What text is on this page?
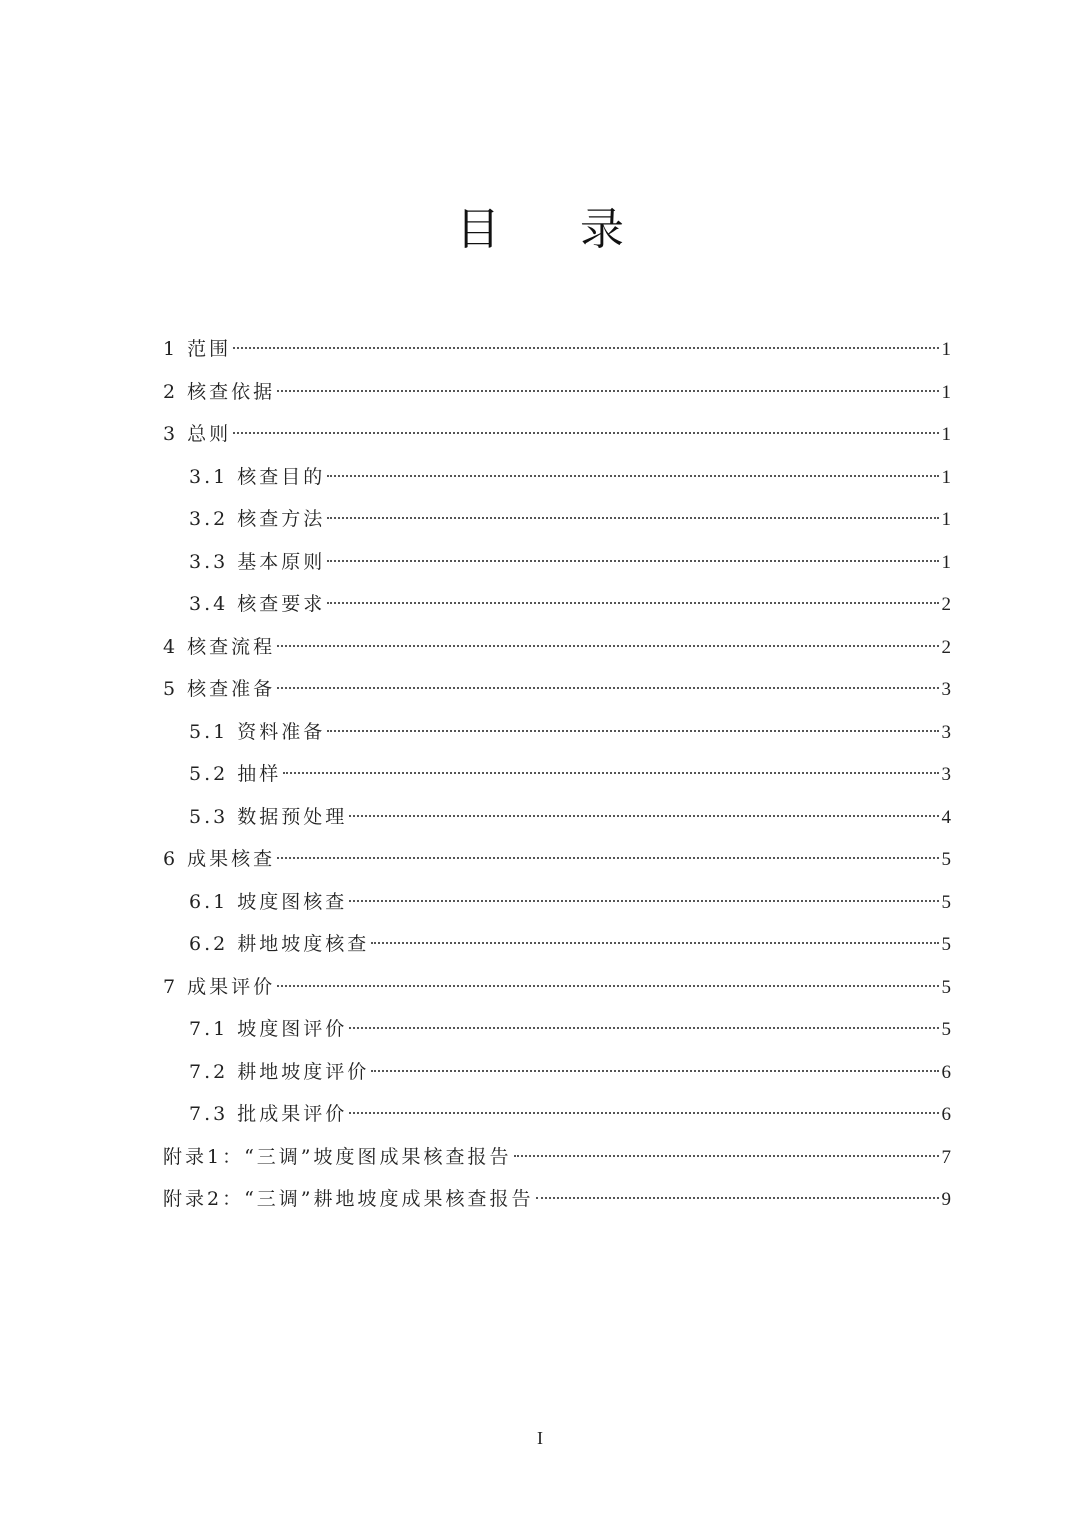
目录
1 范围	1
2 核查依据	1
3 总则	1
3.1 核查目的	1
3.2 核查方法	1
3.3 基本原则	1
3.4 核查要求	2
4 核查流程	2
5 核查准备	3
5.1 资料准备	3
5.2 抽样	3
5.3 数据预处理	4
6 成果核查	5
6.1 坡度图核查	5
6.2 耕地坡度核查	5
7 成果评价	5
7.1 坡度图评价	5
7.2 耕地坡度评价	6
7.3 批成果评价	6
附录1：“三调”坡度图成果核查报告	7
附录2：“三调”耕地坡度成果核查报告	9
I
